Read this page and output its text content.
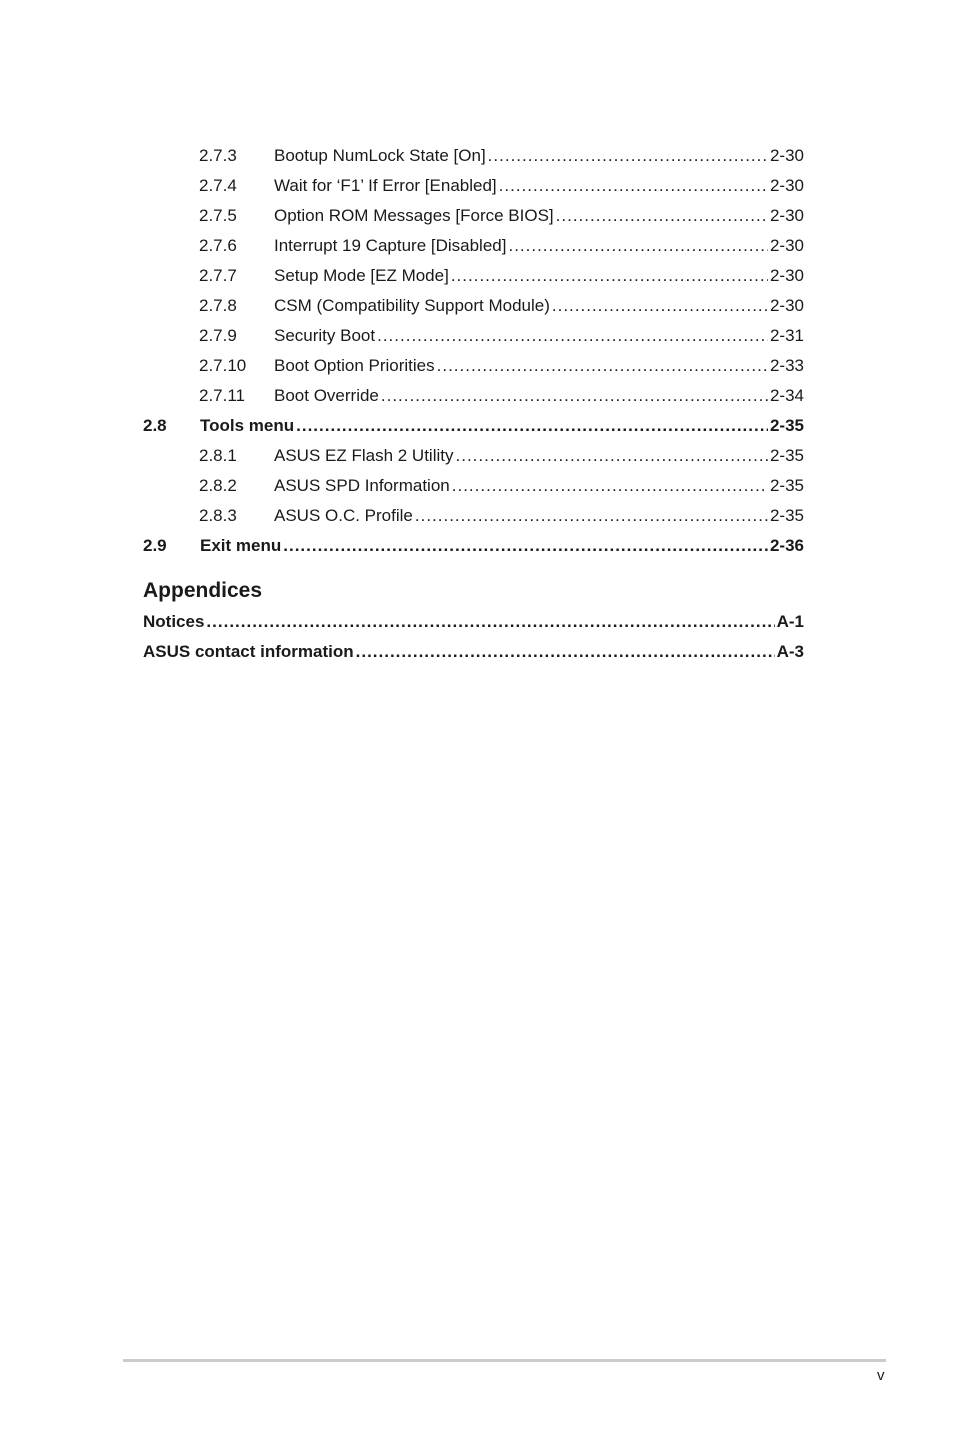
2.7.3	Bootup NumLock State [On] .....	2-30
2.7.4	Wait for ‘F1’ If Error [Enabled] .....	2-30
2.7.5	Option ROM Messages [Force BIOS] .....	2-30
2.7.6	Interrupt 19 Capture [Disabled] .....	2-30
2.7.7	Setup Mode [EZ Mode] .....	2-30
2.7.8	CSM (Compatibility Support Module) .....	2-30
2.7.9	Security Boot .....	2-31
2.7.10	Boot Option Priorities .....	2-33
2.7.11	Boot Override .....	2-34
2.8	Tools menu .....	2-35
2.8.1	ASUS EZ Flash 2 Utility .....	2-35
2.8.2	ASUS SPD Information .....	2-35
2.8.3	ASUS O.C. Profile .....	2-35
2.9	Exit menu .....	2-36
Appendices
Notices .....	A-1
ASUS contact information .....	A-3
v
